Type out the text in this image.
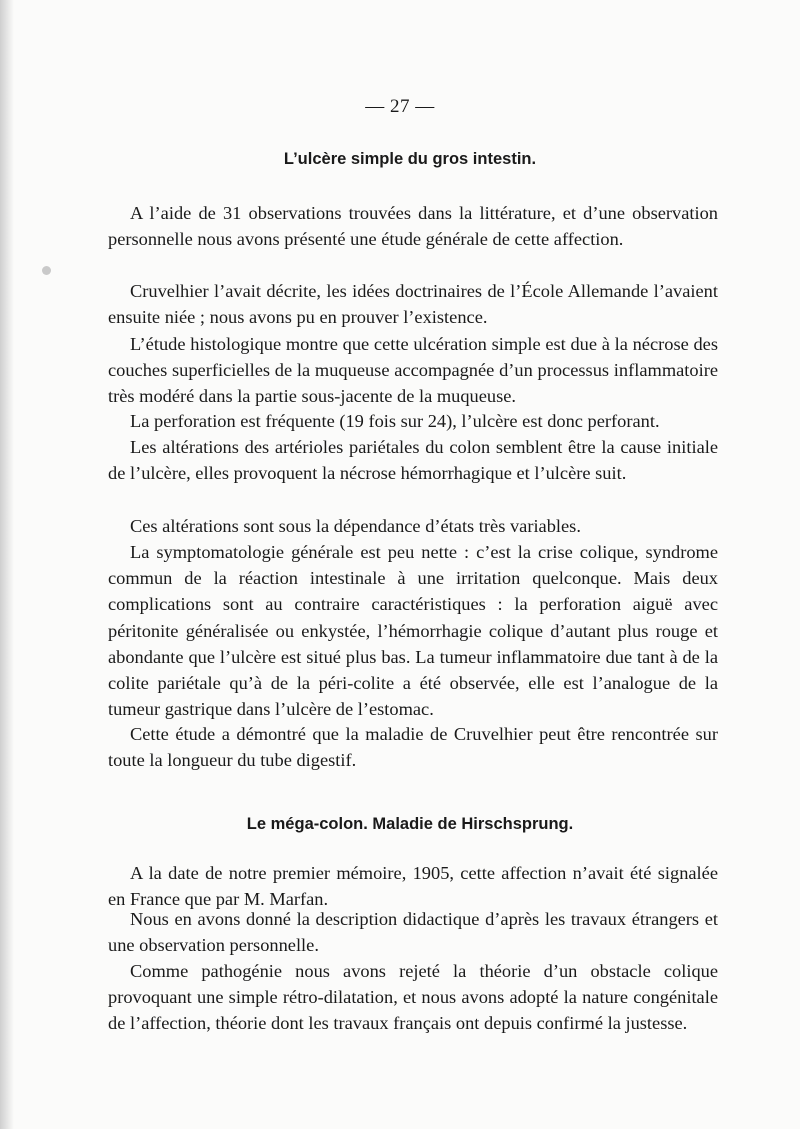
— 27 —
L’ulcère simple du gros intestin.

A l’aide de 31 observations trouvées dans la littérature, et d’une observation personnelle nous avons présenté une étude générale de cette affection.

Cruvelhier l’avait décrite, les idées doctrinaires de l’École Allemande l’avaient ensuite niée ; nous avons pu en prouver l’existence.

L’étude histologique montre que cette ulcération simple est due à la nécrose des couches superficielles de la muqueuse accompagnée d’un processus inflammatoire très modéré dans la partie sous-jacente de la muqueuse.

La perforation est fréquente (19 fois sur 24), l’ulcère est donc perforant.

Les altérations des artérioles pariétales du colon semblent être la cause initiale de l’ulcère, elles provoquent la nécrose hémorrhagique et l’ulcère suit.

Ces altérations sont sous la dépendance d’états très variables.

La symptomatologie générale est peu nette : c’est la crise colique, syndrome commun de la réaction intestinale à une irritation quelconque. Mais deux complications sont au contraire caractéristiques : la perforation aiguë avec péritonite généralisée ou enkystée, l’hémorrhagie colique d’autant plus rouge et abondante que l’ulcère est situé plus bas. La tumeur inflammatoire due tant à de la colite pariétale qu’à de la péri-colite a été observée, elle est l’analogue de la tumeur gastrique dans l’ulcère de l’estomac.

Cette étude a démontré que la maladie de Cruvelhier peut être rencontrée sur toute la longueur du tube digestif.

Le méga-colon. Maladie de Hirschsprung.

A la date de notre premier mémoire, 1905, cette affection n’avait été signalée en France que par M. Marfan.

Nous en avons donné la description didactique d’après les travaux étrangers et une observation personnelle.

Comme pathogénie nous avons rejeté la théorie d’un obstacle colique provoquant une simple rétro-dilatation, et nous avons adopté la nature congénitale de l’affection, théorie dont les travaux français ont depuis confirmé la justesse.
